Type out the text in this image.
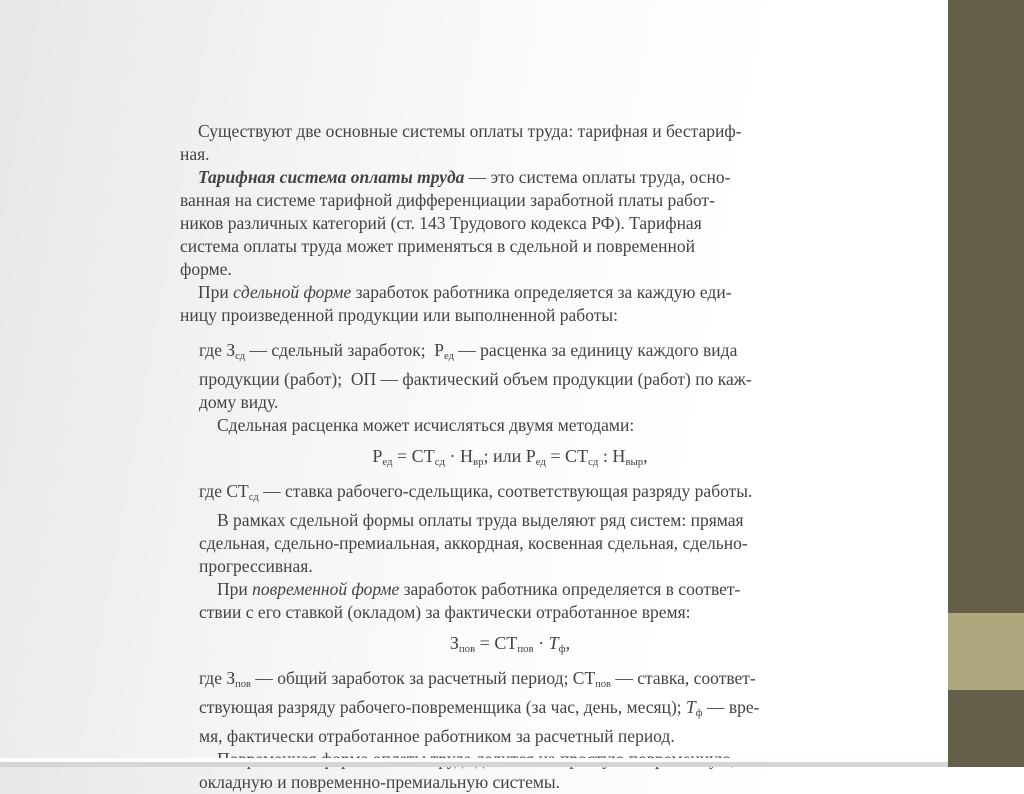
Существуют две основные системы оплаты труда: тарифная и бестариф-
ная.
Тарифная система оплаты труда — это система оплаты труда, осно-
ванная на системе тарифной дифференциации заработной платы работ-
ников различных категорий (ст. 143 Трудового кодекса РФ). Тарифная
система оплаты труда может применяться в сдельной и повременной
форме.
При сдельной форме заработок работника определяется за каждую еди-
ницу произведенной продукции или выполненной работы:
где $З_{сд}$ — сдельный заработок;  $Р_{ед}$ — расценка за единицу каждого вида
продукции (работ);  ОП — фактический объем продукции (работ) по каж-
дому виду.
Сдельная расценка может исчисляться двумя методами:
$Р_{ед} = СТ_{сд} \cdot Н_{вр}$; или $Р_{ед} = СТ_{сд}$ : $Н_{выр}$,
где $СТ_{сд}$ — ставка рабочего-сдельщика, соответствующая разряду работы.
В рамках сдельной формы оплаты труда выделяют ряд систем: прямая
сдельная, сдельно-премиальная, аккордная, косвенная сдельная, сдельно-
прогрессивная.
При повременной форме заработок работника определяется в соответ-
ствии с его ставкой (окладом) за фактически отработанное время:
$З_{пов} = СТ_{пов} \cdot Т_ф$,
где $З_{пов}$ — общий заработок за расчетный период; $СТ_{пов}$ — ставка, соответ-
ствующая разряду рабочего-повременщика (за час, день, месяц); $Т_ф$ — вре-
мя, фактически отработанное работником за расчетный период.
окладную и повременно-премиальную системы.
